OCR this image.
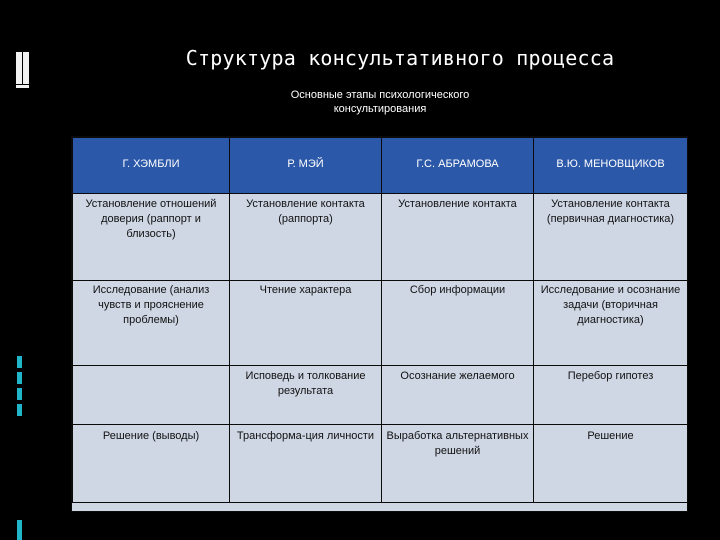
Структура консультативного процесса
Основные этапы психологического
консультирования
Г. ХЭМБЛИ	Р. МЭЙ	Г.С. АБРАМОВА	В.Ю. МЕНОВЩИКОВ
Установление отношений доверия (раппорт и близость)	Установление контакта (раппорта)	Установление контакта	Установление контакта (первичная диагностика)
Исследование (анализ чувств и прояснение проблемы)	Чтение характера	Сбор информации	Исследование и осознание задачи (вторичная диагностика)
	Исповедь и толкование результата	Осознание желаемого	Перебор гипотез
Решение (выводы)	Трансформа-ция личности	Выработка альтернативных решений	Решение
